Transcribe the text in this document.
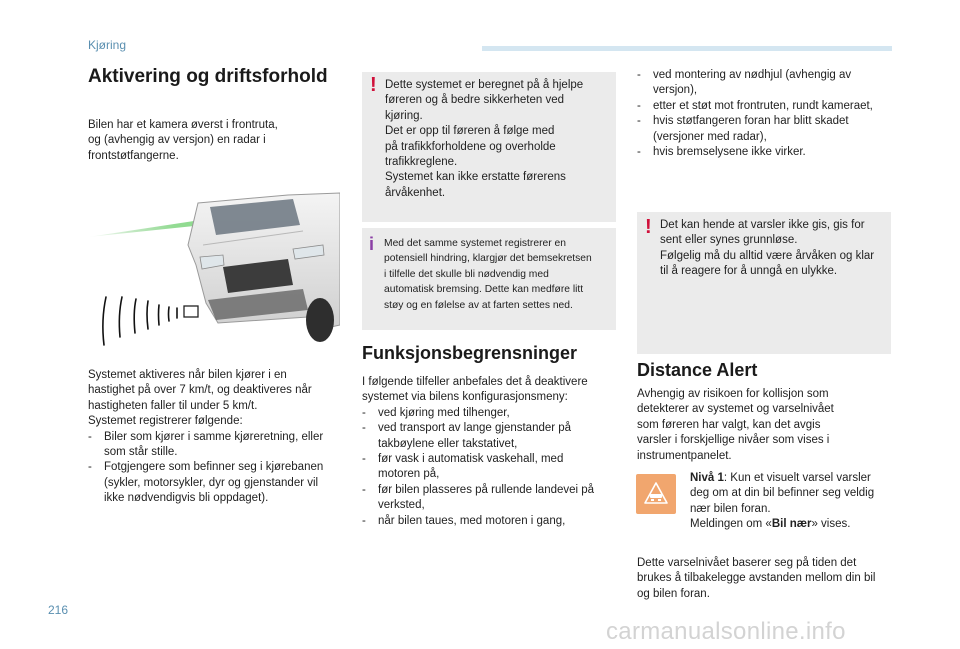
Kjøring
Aktivering og driftsforhold
Bilen har et kamera øverst i frontruta,
og (avhengig av versjon) en radar i
frontstøtfangerne.
Systemet aktiveres når bilen kjører i en
hastighet på over 7 km/t, og deaktiveres når
hastigheten faller til under 5 km/t.
Systemet registrerer følgende:
- Biler som kjører i samme kjøreretning, eller
som står stille.
- Fotgjengere som befinner seg i kjørebanen
(sykler, motorsykler, dyr og gjenstander vil
ikke nødvendigvis bli oppdaget).
! Dette systemet er beregnet på å hjelpe
føreren og å bedre sikkerheten ved
kjøring.
Det er opp til føreren å følge med
på trafikkforholdene og overholde
trafikkreglene.
Systemet kan ikke erstatte førerens
årvåkenhet.
i Med det samme systemet registrerer en
potensiell hindring, klargjør det bemsekretsen
i tilfelle det skulle bli nødvendig med
automatisk bremsing. Dette kan medføre litt
støy og en følelse av at farten settes ned.
Funksjonsbegrensninger
I følgende tilfeller anbefales det å deaktivere
systemet via bilens konfigurasjonsmeny:
- ved kjøring med tilhenger,
- ved transport av lange gjenstander på
takbøylene eller takstativet,
- før vask i automatisk vaskehall, med
motoren på,
- før bilen plasseres på rullende landevei på
verksted,
- når bilen taues, med motoren i gang,
- ved montering av nødhjul (avhengig av
versjon),
- etter et støt mot frontruten, rundt kameraet,
- hvis støtfangeren foran har blitt skadet
(versjoner med radar),
- hvis bremselysene ikke virker.
! Det kan hende at varsler ikke gis, gis for
sent eller synes grunnløse.
Følgelig må du alltid være årvåken og klar
til å reagere for å unngå en ulykke.
Distance Alert
Avhengig av risikoen for kollisjon som
detekterer av systemet og varselnivået
som føreren har valgt, kan det avgis
varsler i forskjellige nivåer som vises i
instrumentpanelet.
Nivå 1: Kun et visuelt varsel varsler
deg om at din bil befinner seg veldig
nær bilen foran.
Meldingen om «Bil nær» vises.
Dette varselnivået baserer seg på tiden det
brukes å tilbakelegge avstanden mellom din bil
og bilen foran.
216
carmanualsonline.info
